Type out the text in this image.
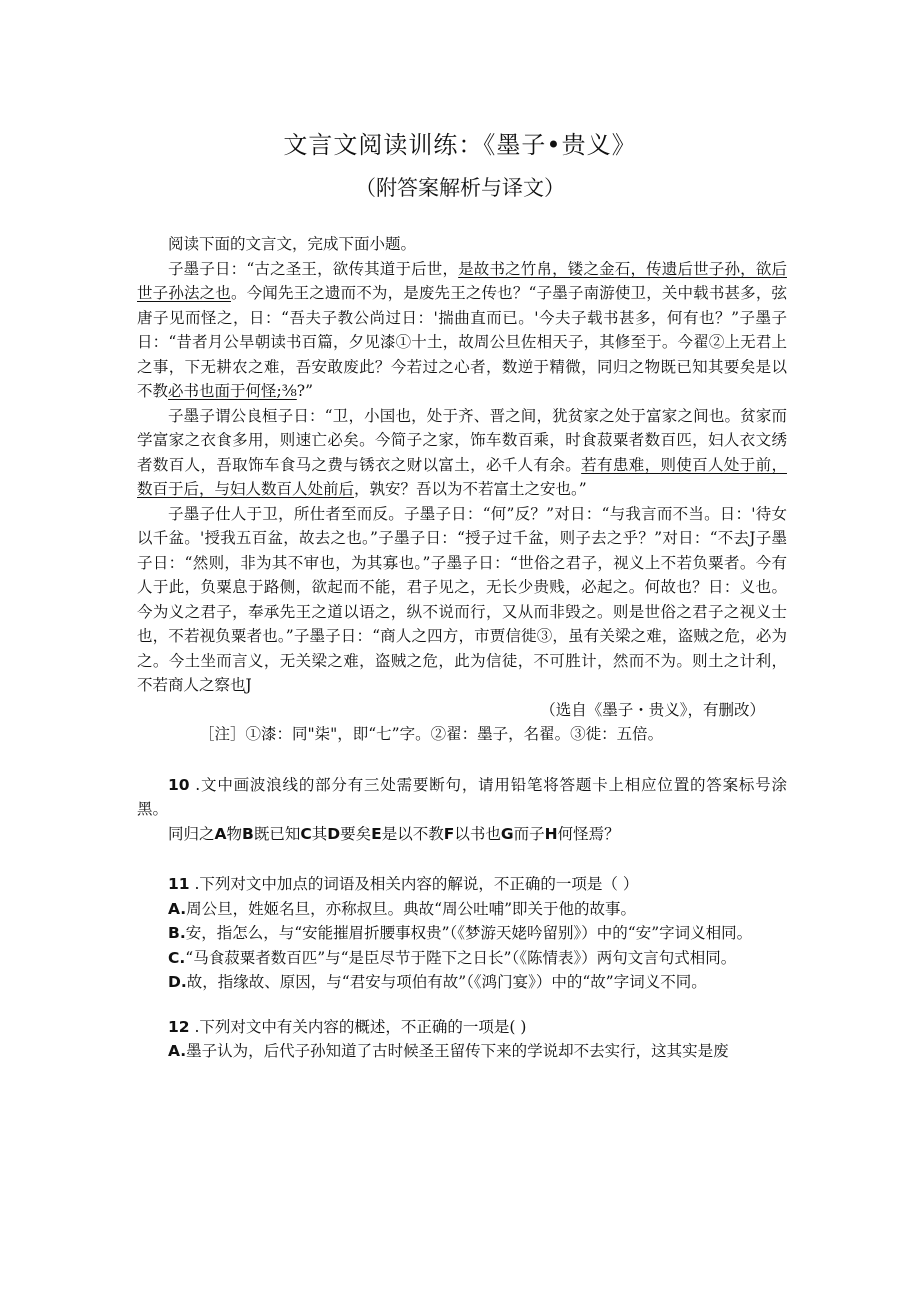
文言文阅读训练：《墨子•贵义》
（附答案解析与译文）

阅读下面的文言文，完成下面小题。

子墨子日：“古之圣王，欲传其道于后世，是故书之竹帛，镂之金石，传遗后世子孙，欲后世子孙法之也。今闻先王之遗而不为，是废先王之传也？“子墨子南游使卫，关中载书甚多，弦唐子见而怪之，日：“吾夫子教公尚过日：'揣曲直而已。'今夫子载书甚多，何有也？”子墨子日：“昔者月公旱朝读书百篇，夕见漆①十土，故周公旦佐相天子，其修至于。今翟②上无君上之事，下无耕农之难，吾安敢废此？今若过之心者，数逆于精微，同归之物既已知其要矣是以不教必书也面于何怪;⅜?”

子墨子谓公良桓子日：“卫，小国也，处于齐、晋之间，犹贫家之处于富家之间也。贫家而学富家之衣食多用，则速亡必矣。今简子之家，饰车数百乘，时食菽粟者数百匹，妇人衣文绣者数百人，吾取饰车食马之费与锈衣之财以富土，必千人有余。若有患难，则使百人处于前，数百于后，与妇人数百人处前后，孰安？吾以为不若富土之安也。”

子墨子仕人于卫，所仕者至而反。子墨子日：“何”反？”对日：“与我言而不当。日：'待女以千盆。'授我五百盆，故去之也。”子墨子日：“授子过千盆，则子去之乎？”对日：“不去J子墨子日：“然则，非为其不审也，为其寡也。”子墨子日：“世俗之君子，视义上不若负粟者。今有人于此，负粟息于路侧，欲起而不能，君子见之，无长少贵贱，必起之。何故也？日：义也。今为义之君子，奉承先王之道以语之，纵不说而行，又从而非毁之。则是世俗之君子之视义士也，不若视负粟者也。”子墨子日：“商人之四方，市贾信徙③，虽有关梁之难，盗贼之危，必为之。今土坐而言义，无关梁之难，盗贼之危，此为信徒，不可胜计，然而不为。则土之计利，不若商人之察也J

（选自《墨子・贵义》，有删改）

［注］①漆：同"柒"，即“七”字。②翟：墨子，名翟。③徙：五倍。

10 .文中画波浪线的部分有三处需要断句，请用铅笔将答题卡上相应位置的答案标号涂黑。

同归之A物B既已知C其D要矣E是以不教F以书也G而子H何怪焉？

11 .下列对文中加点的词语及相关内容的解说，不正确的一项是（ ）

A.周公旦，姓姬名旦，亦称叔旦。典故“周公吐哺”即关于他的故事。

B.安，指怎么，与“安能摧眉折腰事权贵”（《梦游天姥吟留别》）中的“安”字词义相同。

C.“马食菽粟者数百匹”与“是臣尽节于陛下之日长”（《陈情表》）两句文言句式相同。

D.故，指缘故、原因，与“君安与项伯有故”（《鸿门宴》）中的“故”字词义不同。

12 .下列对文中有关内容的概述，不正确的一项是( )

A.墨子认为，后代子孙知道了古时候圣王留传下来的学说却不去实行，这其实是废
